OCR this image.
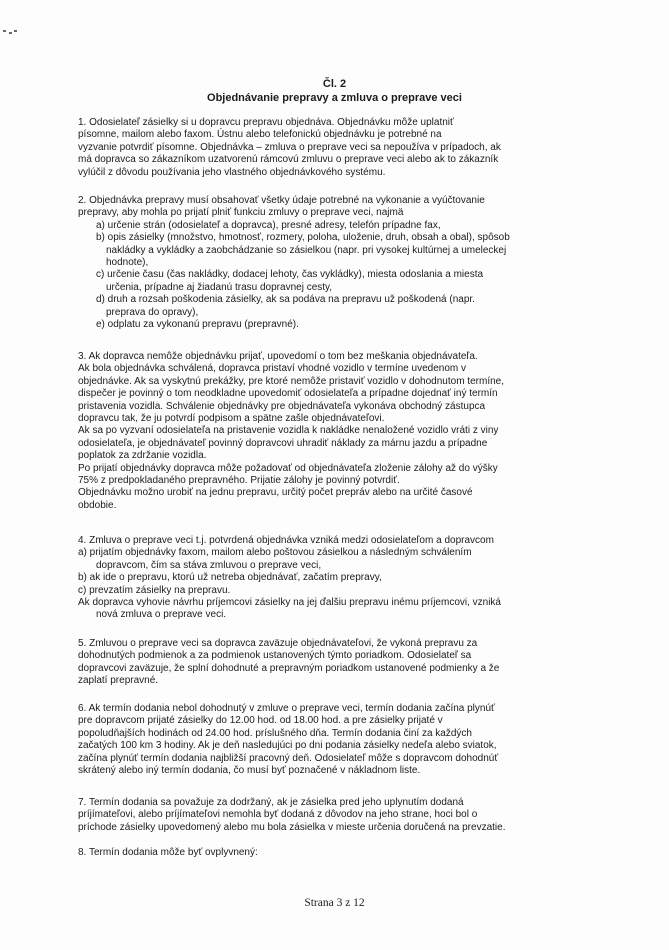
Čl. 2
Objednávanie prepravy a zmluva o preprave veci
1. Odosielateľ zásielky si u dopravcu prepravu objednáva. Objednávku môže uplatniť
písomne, mailom alebo faxom. Ústnu alebo telefonickú objednávku je potrebné na
vyzvanie potvrdiť písomne. Objednávka – zmluva o preprave veci sa nepoužíva v prípadoch, ak
má dopravca so zákazníkom uzatvorenú rámcovú zmluvu o preprave veci alebo ak to zákazník
vylúčil z dôvodu používania jeho vlastného objednávkového systému.
2. Objednávka prepravy musí obsahovať všetky údaje potrebné na vykonanie a vyúčtovanie
prepravy, aby mohla po prijatí plniť funkciu zmluvy o preprave veci, najmä
a) určenie strán (odosielateľ a dopravca), presné adresy, telefón prípadne fax,
b) opis zásielky (množstvo, hmotnosť, rozmery, poloha, uloženie, druh, obsah a obal), spôsob
nakládky a vykládky a zaobchádzanie so zásielkou (napr. pri vysokej kultúrnej a umeleckej
hodnote),
c) určenie času (čas nakládky, dodacej lehoty, čas vykládky), miesta odoslania a miesta
určenia, prípadne aj žiadanú trasu dopravnej cesty,
d) druh a rozsah poškodenia zásielky, ak sa podáva na prepravu už poškodená (napr.
preprava do opravy),
e) odplatu za vykonanú prepravu (prepravné).
3. Ak dopravca nemôže objednávku prijať, upovedomí o tom bez meškania objednávateľa.
Ak bola objednávka schválená, dopravca pristaví vhodné vozidlo v termíne uvedenom v
objednávke. Ak sa vyskytnú prekážky, pre ktoré nemôže pristaviť vozidlo v dohodnutom termíne,
dispečer je povinný o tom neodkladne upovedomiť odosielateľa a prípadne dojednať iný termín
pristavenia vozidla. Schválenie objednávky pre objednávateľa vykonáva obchodný zástupca
dopravcu tak, že ju potvrdí podpisom a spätne zašle objednávateľovi.
Ak sa po vyzvaní odosielateľa na pristavenie vozidla k nakládke nenaložené vozidlo vráti z viny
odosielateľa, je objednávateľ povinný dopravcovi uhradiť náklady za márnu jazdu a prípadne
poplatok za zdržanie vozidla.
Po prijatí objednávky dopravca môže požadovať od objednávateľa zloženie zálohy až do výšky
75% z predpokladaného prepravného. Prijatie zálohy je povinný potvrdiť.
Objednávku možno urobiť na jednu prepravu, určitý počet prepráv alebo na určité časové
obdobie.
4. Zmluva o preprave veci t.j. potvrdená objednávka vzniká medzi odosielateľom a dopravcom
a) prijatím objednávky faxom, mailom alebo poštovou zásielkou a následným schválením
dopravcom, čím sa stáva zmluvou o preprave veci,
b) ak ide o prepravu, ktorú už netreba objednávať, začatím prepravy,
c) prevzatím zásielky na prepravu.
Ak dopravca vyhovie návrhu príjemcovi zásielky na jej ďalšiu prepravu inému príjemcovi, vzniká
nová zmluva o preprave veci.
5. Zmluvou o preprave veci sa dopravca zaväzuje objednávateľovi, že vykoná prepravu za
dohodnutých podmienok a za podmienok ustanovených týmto poriadkom. Odosielateľ sa
dopravcovi zaväzuje, že splní dohodnuté a prepravným poriadkom ustanovené podmienky a že
zaplatí prepravné.
6. Ak termín dodania nebol dohodnutý v zmluve o preprave veci, termín dodania začína plynúť
pre dopravcom prijaté zásielky do 12.00 hod. od 18.00 hod. a pre zásielky prijaté v
popoludňajších hodinách od 24.00 hod. príslušného dňa. Termín dodania činí za každých
začatých 100 km 3 hodiny. Ak je deň nasledujúci po dni podania zásielky nedeľa alebo sviatok,
začína plynúť termín dodania najbližší pracovný deň. Odosielateľ môže s dopravcom dohodnúť
skrátený alebo iný termín dodania, čo musí byť poznačené v nákladnom liste.
7. Termín dodania sa považuje za dodržaný, ak je zásielka pred jeho uplynutím dodaná
príjímateľovi, alebo príjímateľovi nemohla byť dodaná z dôvodov na jeho strane, hoci bol o
príchode zásielky upovedomený alebo mu bola zásielka v mieste určenia doručená na prevzatie.
8. Termín dodania môže byť ovplyvnený:
Strana 3 z 12
